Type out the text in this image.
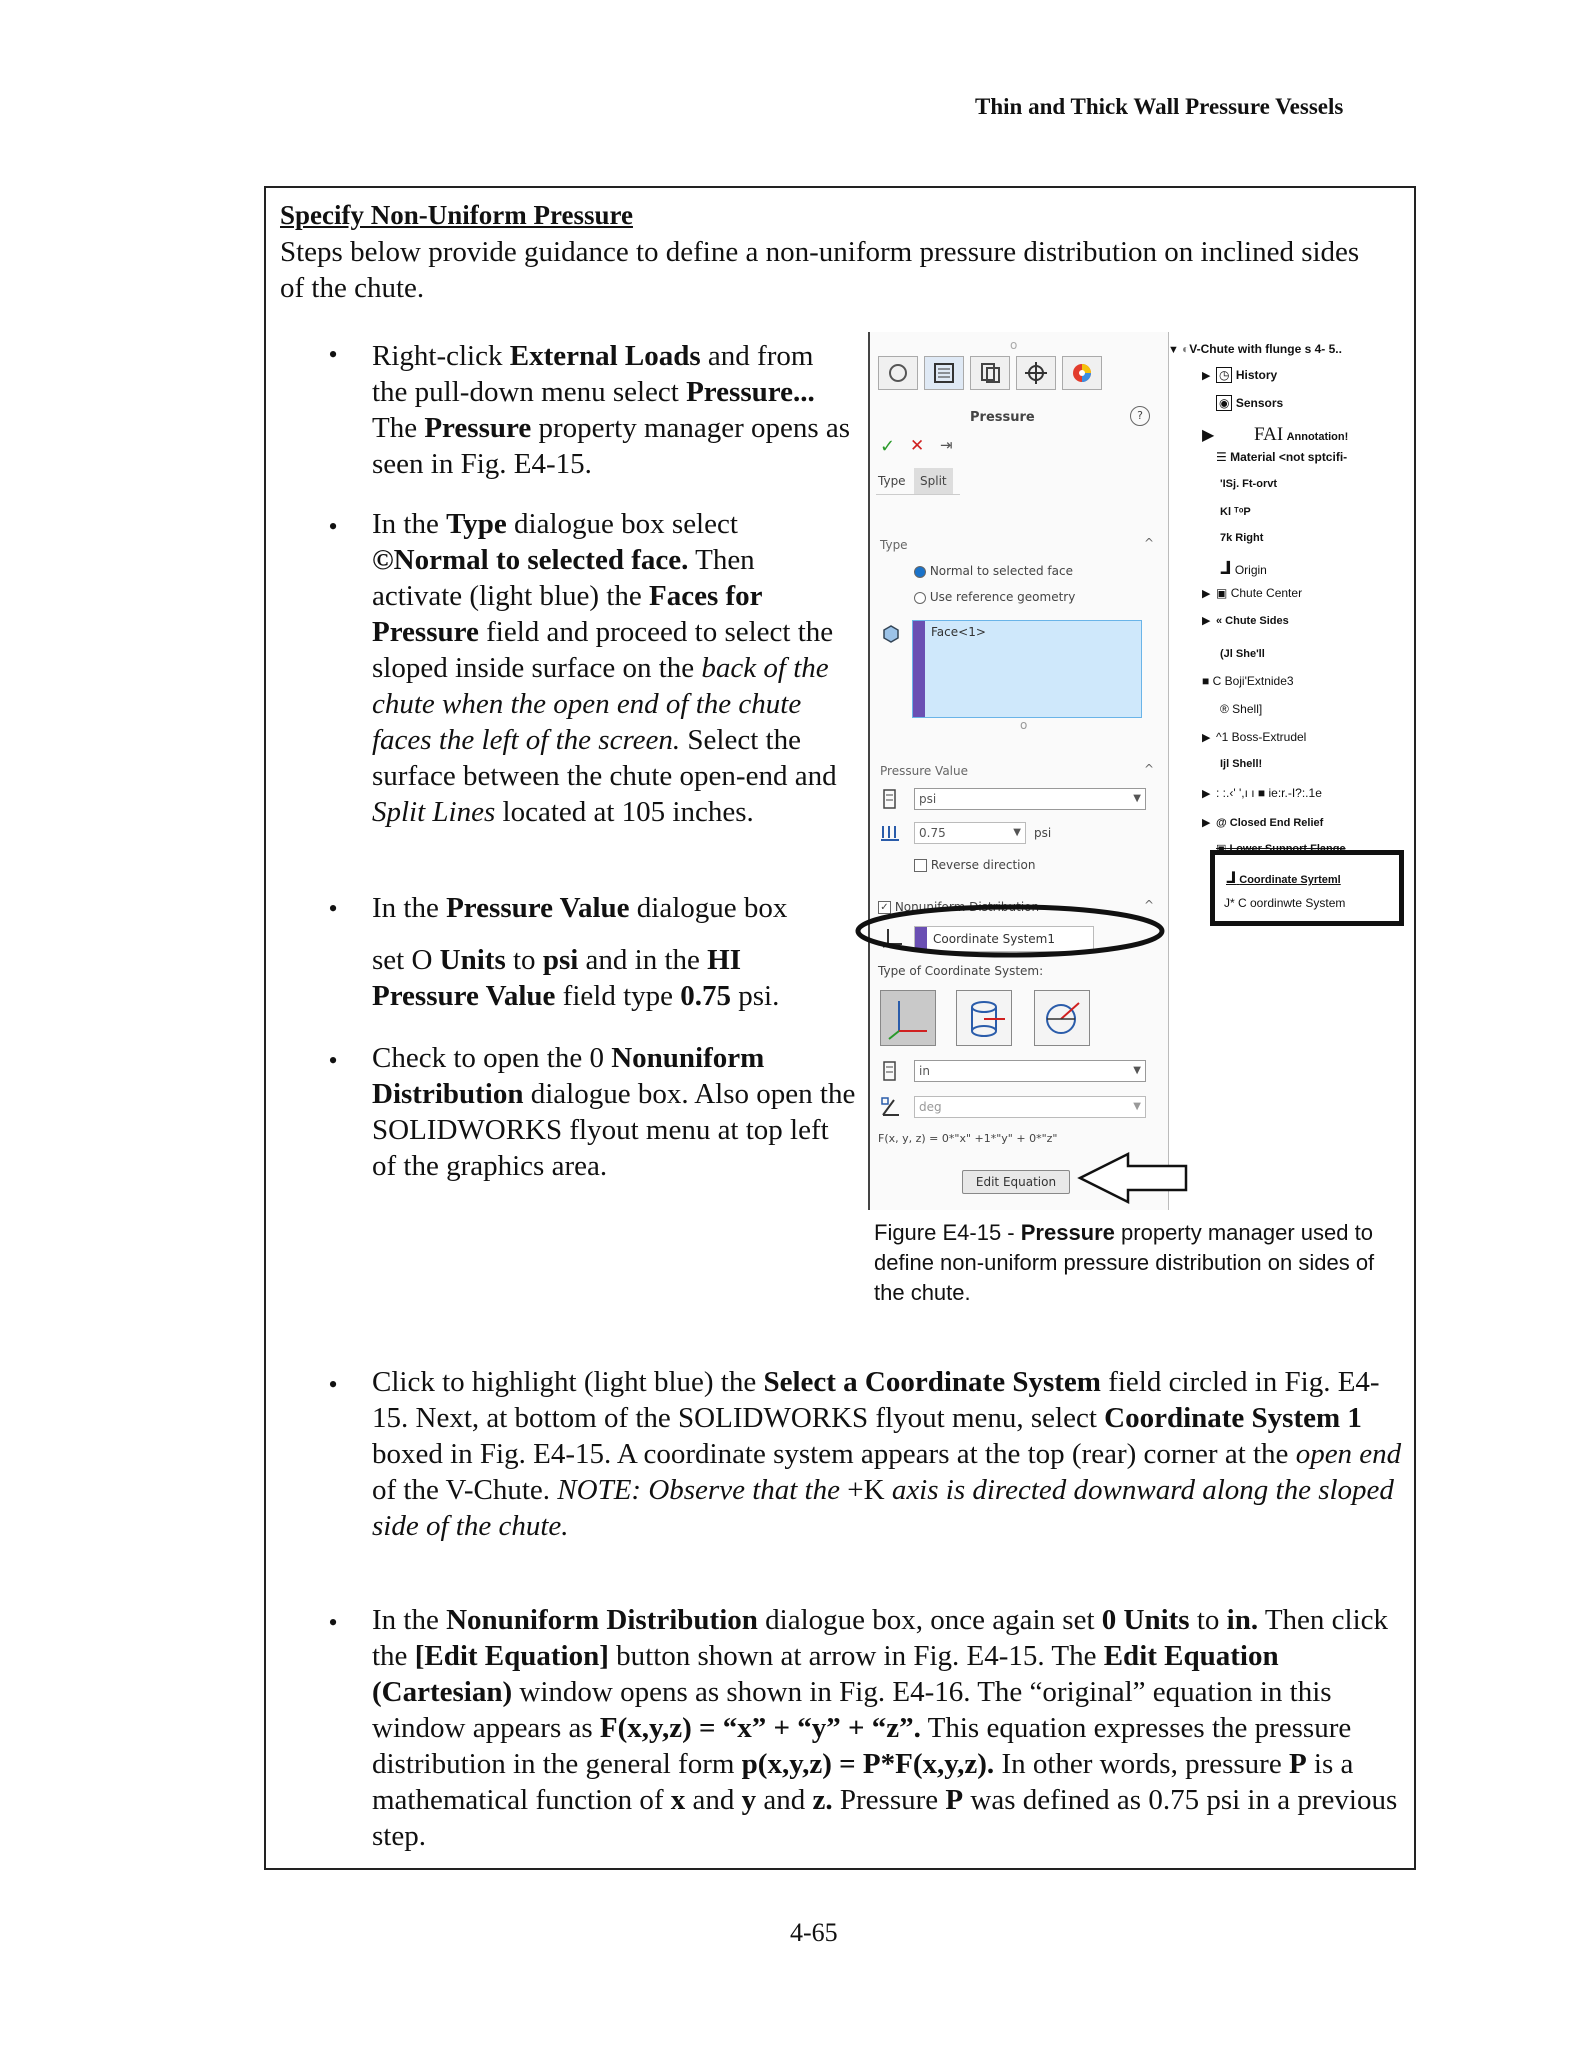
Thin and Thick Wall Pressure Vessels
Specify Non-Uniform Pressure
Steps below provide guidance to define a non-uniform pressure distribution on inclined sides of the chute.
•	Right-click External Loads and from the pull-down menu select Pressure... The Pressure property manager opens as seen in Fig. E4-15.
•	In the Type dialogue box select ©Normal to selected face. Then activate (light blue) the Faces for Pressure field and proceed to select the sloped inside surface on the back of the chute when the open end of the chute faces the left of the screen. Select the surface between the chute open-end and Split Lines located at 105 inches.
•	In the Pressure Value dialogue box
set O Units to psi and in the HI Pressure Value field type 0.75 psi.
•	Check to open the 0 Nonuniform Distribution dialogue box. Also open the SOLIDWORKS flyout menu at top left of the graphics area.
o
Pressure	?
✓ ✕ ⇥
Type	Split
Type	^
Normal to selected face
Use reference geometry
Face<1>
o
Pressure Value	^
psi	▼
0.75	▼ psi
Reverse direction
✓ Nonuniform Distribution	^
Coordinate System1
Type of Coordinate System:
in	▼
deg	▼
F(x, y, z) = 0*"x" +1*"y" + 0*"z"
Edit Equation
▼ ◐V-Chute with flunge s 4- 5..
▶ ◷ History
◉ Sensors
▶ FAI Annotation!
☰ Material <not sptcifi-
'ISj. Ft-orvt
Kl ᵀᵒP
7k Right
⅃ Origin
▶ ▣ Chute Center
▶ « Chute Sides
(Jl She'll
■ C Boji'Extnide3
® Shell]
▶ ^1 Boss-Extrudel
Ijl Shell!
▶ : :.‹' ',ı ı ■ ie:r.-I?:.1e
▶ @ Closed End Relief
▣ Lower Support Flange
⅃ Coordinate Syrteml
J* C oordinwte System
Figure E4-15 - Pressure property manager used to define non-uniform pressure distribution on sides of the chute.
•	Click to highlight (light blue) the Select a Coordinate System field circled in Fig. E4-15. Next, at bottom of the SOLIDWORKS flyout menu, select Coordinate System 1 boxed in Fig. E4-15. A coordinate system appears at the top (rear) corner at the open end of the V-Chute. NOTE: Observe that the +K axis is directed downward along the sloped side of the chute.
•	In the Nonuniform Distribution dialogue box, once again set 0 Units to in. Then click the [Edit Equation] button shown at arrow in Fig. E4-15. The Edit Equation (Cartesian) window opens as shown in Fig. E4-16. The “original” equation in this window appears as F(x,y,z) = “x” + “y” + “z”. This equation expresses the pressure distribution in the general form p(x,y,z) = P*F(x,y,z). In other words, pressure P is a mathematical function of x and y and z. Pressure P was defined as 0.75 psi in a previous step.
4-65
